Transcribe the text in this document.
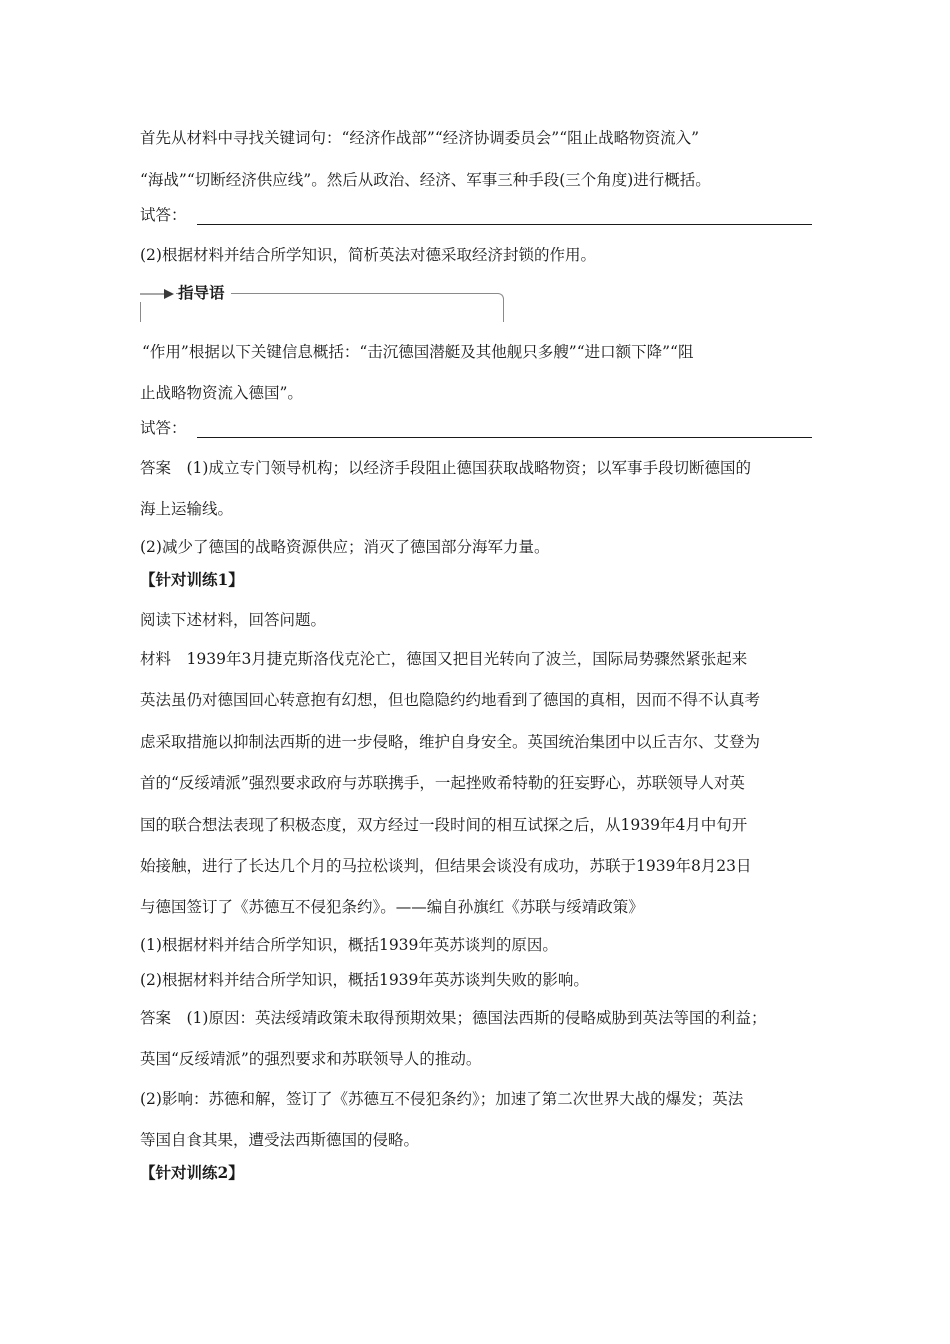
首先从材料中寻找关键词句：“经济作战部”“经济协调委员会”“阻止战略物资流入”
“海战”“切断经济供应线”。然后从政治、经济、军事三种手段(三个角度)进行概括。
试答：
(2)根据材料并结合所学知识，简析英法对德采取经济封锁的作用。
指导语
“作用”根据以下关键信息概括：“击沉德国潜艇及其他舰只多艘”“进口额下降”“阻
止战略物资流入德国”。
试答：
答案　(1)成立专门领导机构；以经济手段阻止德国获取战略物资；以军事手段切断德国的
海上运输线。
(2)减少了德国的战略资源供应；消灭了德国部分海军力量。
【针对训练1】
阅读下述材料，回答问题。
材料　1939年3月捷克斯洛伐克沦亡，德国又把目光转向了波兰，国际局势骤然紧张起来
英法虽仍对德国回心转意抱有幻想，但也隐隐约约地看到了德国的真相，因而不得不认真考
虑采取措施以抑制法西斯的进一步侵略，维护自身安全。英国统治集团中以丘吉尔、艾登为
首的“反绥靖派”强烈要求政府与苏联携手，一起挫败希特勒的狂妄野心，苏联领导人对英
国的联合想法表现了积极态度，双方经过一段时间的相互试探之后，从1939年4月中旬开
始接触，进行了长达几个月的马拉松谈判，但结果会谈没有成功，苏联于1939年8月23日
与德国签订了《苏德互不侵犯条约》。——编自孙旗红《苏联与绥靖政策》
(1)根据材料并结合所学知识，概括1939年英苏谈判的原因。
(2)根据材料并结合所学知识，概括1939年英苏谈判失败的影响。
答案　(1)原因：英法绥靖政策未取得预期效果；德国法西斯的侵略威胁到英法等国的利益；
英国“反绥靖派”的强烈要求和苏联领导人的推动。
(2)影响：苏德和解，签订了《苏德互不侵犯条约》；加速了第二次世界大战的爆发；英法
等国自食其果，遭受法西斯德国的侵略。
【针对训练2】
